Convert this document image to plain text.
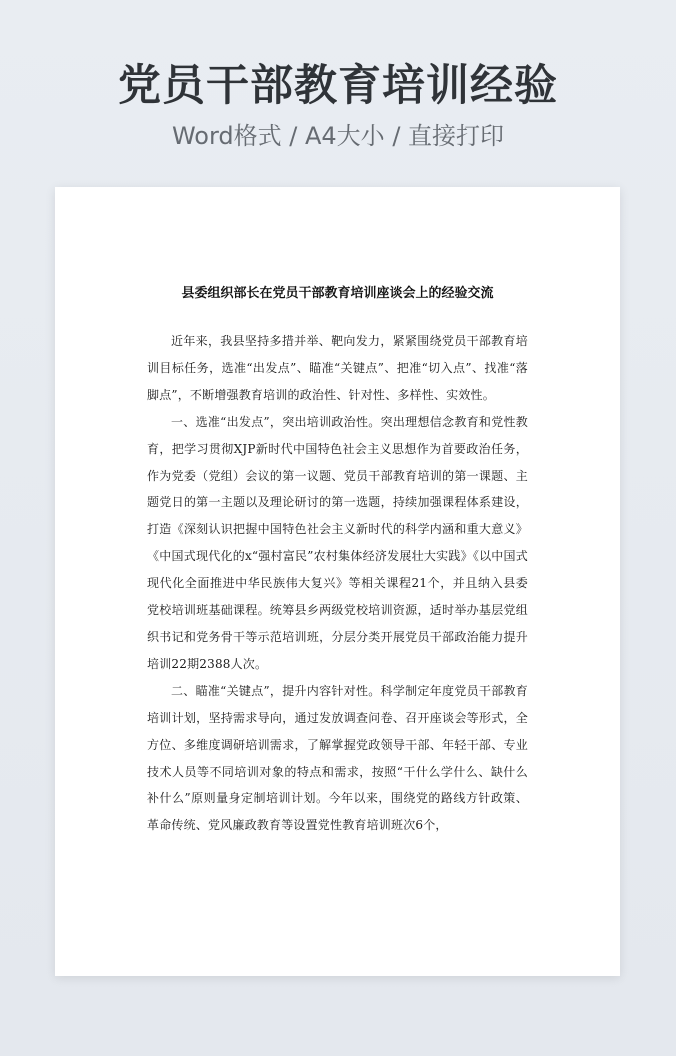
党员干部教育培训经验
Word格式 / A4大小 / 直接打印
县委组织部长在党员干部教育培训座谈会上的经验交流

近年来，我县坚持多措并举、靶向发力，紧紧围绕党员干部教育培训目标任务，选准“出发点”、瞄准“关键点”、把准“切入点”、找准“落脚点”，不断增强教育培训的政治性、针对性、多样性、实效性。

一、选准“出发点”，突出培训政治性。突出理想信念教育和党性教育，把学习贯彻XJP新时代中国特色社会主义思想作为首要政治任务，作为党委（党组）会议的第一议题、党员干部教育培训的第一课题、主题党日的第一主题以及理论研讨的第一选题，持续加强课程体系建设，打造《深刻认识把握中国特色社会主义新时代的科学内涵和重大意义》《中国式现代化的x“强村富民”农村集体经济发展壮大实践》《以中国式现代化全面推进中华民族伟大复兴》等相关课程21个，并且纳入县委党校培训班基础课程。统筹县乡两级党校培训资源，适时举办基层党组织书记和党务骨干等示范培训班，分层分类开展党员干部政治能力提升培训22期2388人次。

二、瞄准“关键点”，提升内容针对性。科学制定年度党员干部教育培训计划，坚持需求导向，通过发放调查问卷、召开座谈会等形式，全方位、多维度调研培训需求，了解掌握党政领导干部、年轻干部、专业技术人员等不同培训对象的特点和需求，按照“干什么学什么、缺什么补什么”原则量身定制培训计划。今年以来，围绕党的路线方针政策、革命传统、党风廉政教育等设置党性教育培训班次6个，
